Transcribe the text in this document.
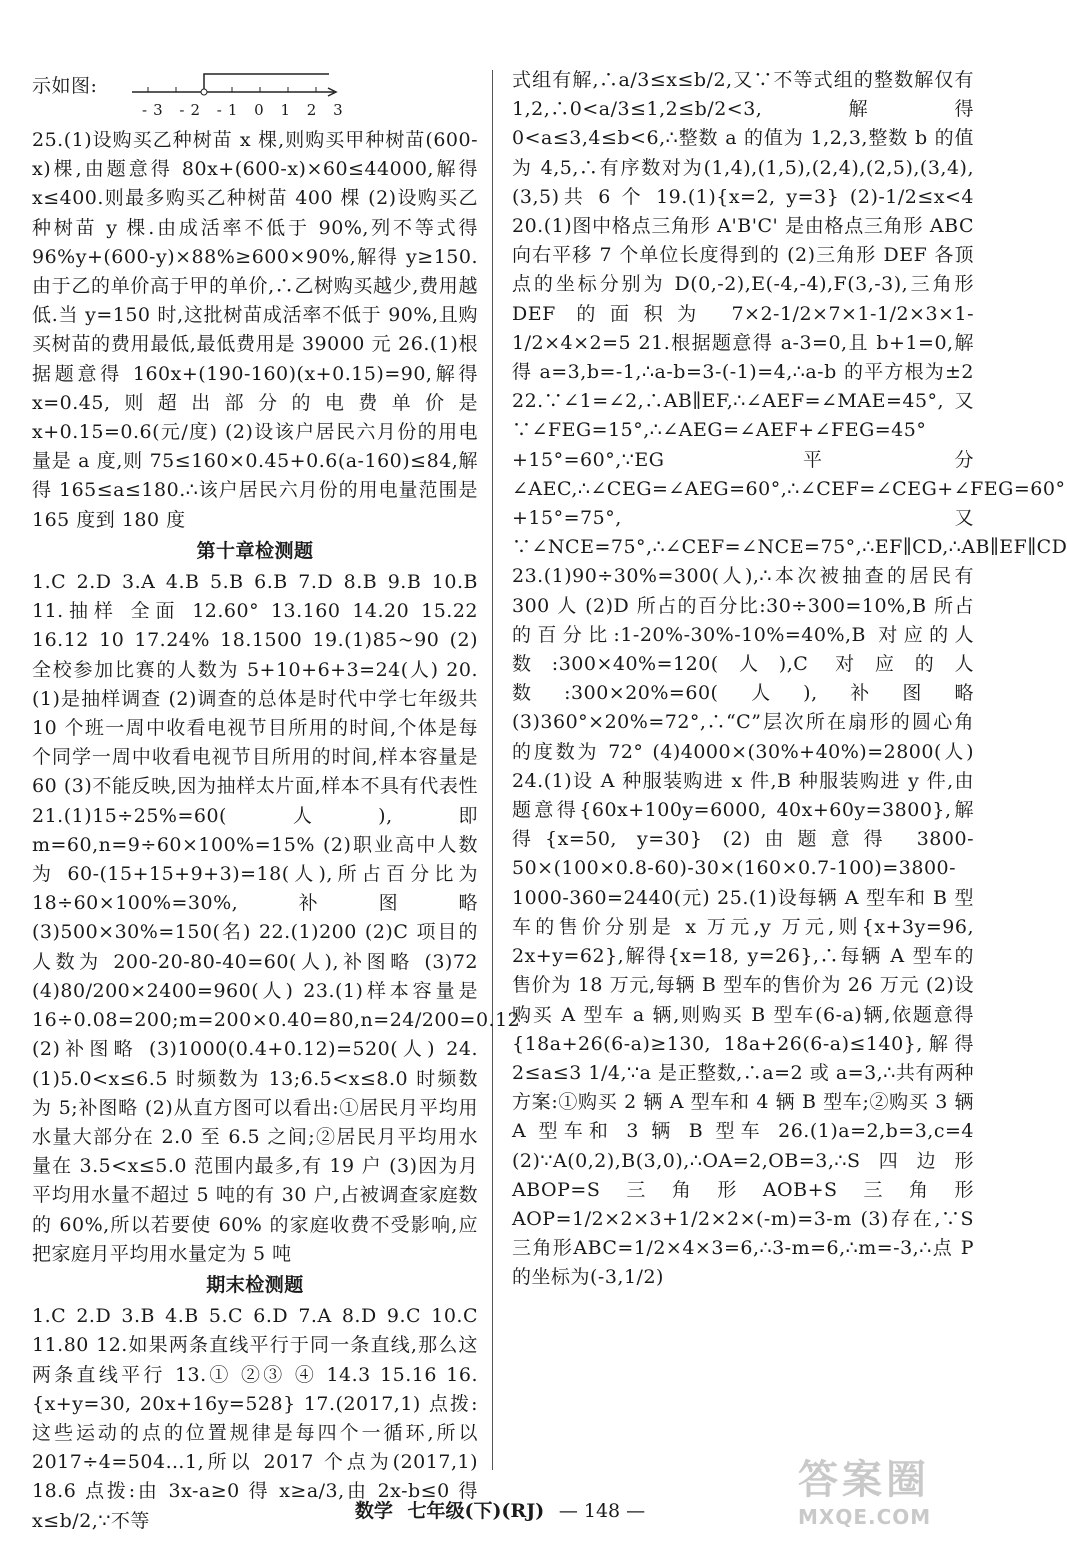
示如图:
-3 -2 -1 0 1 2 3

25.(1)设购买乙种树苗 x 棵,则购买甲种树苗(600-x)棵,由题意得 80x+(600-x)×60≤44000,解得 x≤400.则最多购买乙种树苗 400 棵 (2)设购买乙种树苗 y 棵.由成活率不低于 90%,列不等式得 96%y+(600-y)×88%≥600×90%,解得 y≥150.由于乙的单价高于甲的单价,∴乙树购买越少,费用越低.当 y=150 时,这批树苗成活率不低于 90%,且购买树苗的费用最低,最低费用是 39000 元 26.(1)根据题意得 160x+(190-160)(x+0.15)=90,解得 x=0.45,则超出部分的电费单价是 x+0.15=0.6(元/度) (2)设该户居民六月份的用电量是 a 度,则 75≤160×0.45+0.6(a-160)≤84,解得 165≤a≤180.∴该户居民六月份的用电量范围是 165 度到 180 度

第十章检测题

1.C 2.D 3.A 4.B 5.B 6.B 7.D 8.B 9.B 10.B 11.抽样 全面 12.60° 13.160 14.20 15.22 16.12 10 17.24% 18.1500 19.(1)85~90 (2)全校参加比赛的人数为 5+10+6+3=24(人) 20.(1)是抽样调查 (2)调查的总体是时代中学七年级共 10 个班一周中收看电视节目所用的时间,个体是每个同学一周中收看电视节目所用的时间,样本容量是 60 (3)不能反映,因为抽样太片面,样本不具有代表性 21.(1)15÷25%=60(人),即 m=60,n=9÷60×100%=15% (2)职业高中人数为 60-(15+15+9+3)=18(人),所占百分比为 18÷60×100%=30%,补图略 (3)500×30%=150(名) 22.(1)200 (2)C 项目的人数为 200-20-80-40=60(人),补图略 (3)72 (4)80/200×2400=960(人) 23.(1)样本容量是 16÷0.08=200;m=200×0.40=80,n=24/200=0.12 (2)补图略 (3)1000(0.4+0.12)=520(人) 24.(1)5.0<x≤6.5 时频数为 13;6.5<x≤8.0 时频数为 5;补图略 (2)从直方图可以看出:①居民月平均用水量大部分在 2.0 至 6.5 之间;②居民月平均用水量在 3.5<x≤5.0 范围内最多,有 19 户 (3)因为月平均用水量不超过 5 吨的有 30 户,占被调查家庭数的 60%,所以若要使 60% 的家庭收费不受影响,应把家庭月平均用水量定为 5 吨

期末检测题

1.C 2.D 3.B 4.B 5.C 6.D 7.A 8.D 9.C 10.C 11.80 12.如果两条直线平行于同一条直线,那么这两条直线平行 13.① ②③ ④ 14.3 15.16 16.{x+y=30, 20x+16y=528} 17.(2017,1) 点拨:这些运动的点的位置规律是每四个一循环,所以 2017÷4=504…1,所以 2017 个点为(2017,1) 18.6 点拨:由 3x-a≥0 得 x≥a/3,由 2x-b≤0 得 x≤b/2,∵不等

式组有解,∴a/3≤x≤b/2,又∵不等式组的整数解仅有 1,2,∴0<a/3≤1,2≤b/2<3,解得 0<a≤3,4≤b<6,∴整数 a 的值为 1,2,3,整数 b 的值为 4,5,∴有序数对为(1,4),(1,5),(2,4),(2,5),(3,4),(3,5)共 6 个 19.(1){x=2, y=3} (2)-1/2≤x<4 20.(1)图中格点三角形 A'B'C' 是由格点三角形 ABC 向右平移 7 个单位长度得到的 (2)三角形 DEF 各顶点的坐标分别为 D(0,-2),E(-4,-4),F(3,-3),三角形 DEF 的面积为 7×2-1/2×7×1-1/2×3×1-1/2×4×2=5 21.根据题意得 a-3=0,且 b+1=0,解得 a=3,b=-1,∴a-b=3-(-1)=4,∴a-b 的平方根为±2 22.∵∠1=∠2,∴AB∥EF,∴∠AEF=∠MAE=45°,又∵∠FEG=15°,∴∠AEG=∠AEF+∠FEG=45°+15°=60°,∵EG 平分∠AEC,∴∠CEG=∠AEG=60°,∴∠CEF=∠CEG+∠FEG=60°+15°=75°,又∵∠NCE=75°,∴∠CEF=∠NCE=75°,∴EF∥CD,∴AB∥EF∥CD 23.(1)90÷30%=300(人),∴本次被抽查的居民有 300 人 (2)D 所占的百分比:30÷300=10%,B 所占的百分比:1-20%-30%-10%=40%,B 对应的人数:300×40%=120(人),C 对应的人数:300×20%=60(人),补图略 (3)360°×20%=72°,∴“C”层次所在扇形的圆心角的度数为 72° (4)4000×(30%+40%)=2800(人) 24.(1)设 A 种服装购进 x 件,B 种服装购进 y 件,由题意得{60x+100y=6000, 40x+60y=3800},解得{x=50, y=30} (2)由题意得 3800-50×(100×0.8-60)-30×(160×0.7-100)=3800-1000-360=2440(元) 25.(1)设每辆 A 型车和 B 型车的售价分别是 x 万元,y 万元,则{x+3y=96, 2x+y=62},解得{x=18, y=26},∴每辆 A 型车的售价为 18 万元,每辆 B 型车的售价为 26 万元 (2)设购买 A 型车 a 辆,则购买 B 型车(6-a)辆,依题意得{18a+26(6-a)≥130, 18a+26(6-a)≤140},解得 2≤a≤3 1/4,∵a 是正整数,∴a=2 或 a=3,∴共有两种方案:①购买 2 辆 A 型车和 4 辆 B 型车;②购买 3 辆 A 型车和 3 辆 B 型车 26.(1)a=2,b=3,c=4 (2)∵A(0,2),B(3,0),∴OA=2,OB=3,∴S四边形ABOP=S三角形AOB+S三角形AOP=1/2×2×3+1/2×2×(-m)=3-m (3)存在,∵S三角形ABC=1/2×4×3=6,∴3-m=6,∴m=-3,∴点 P 的坐标为(-3,1/2)

数学 七年级(下)(RJ) — 148 —
答案圈
MXQE.COM
